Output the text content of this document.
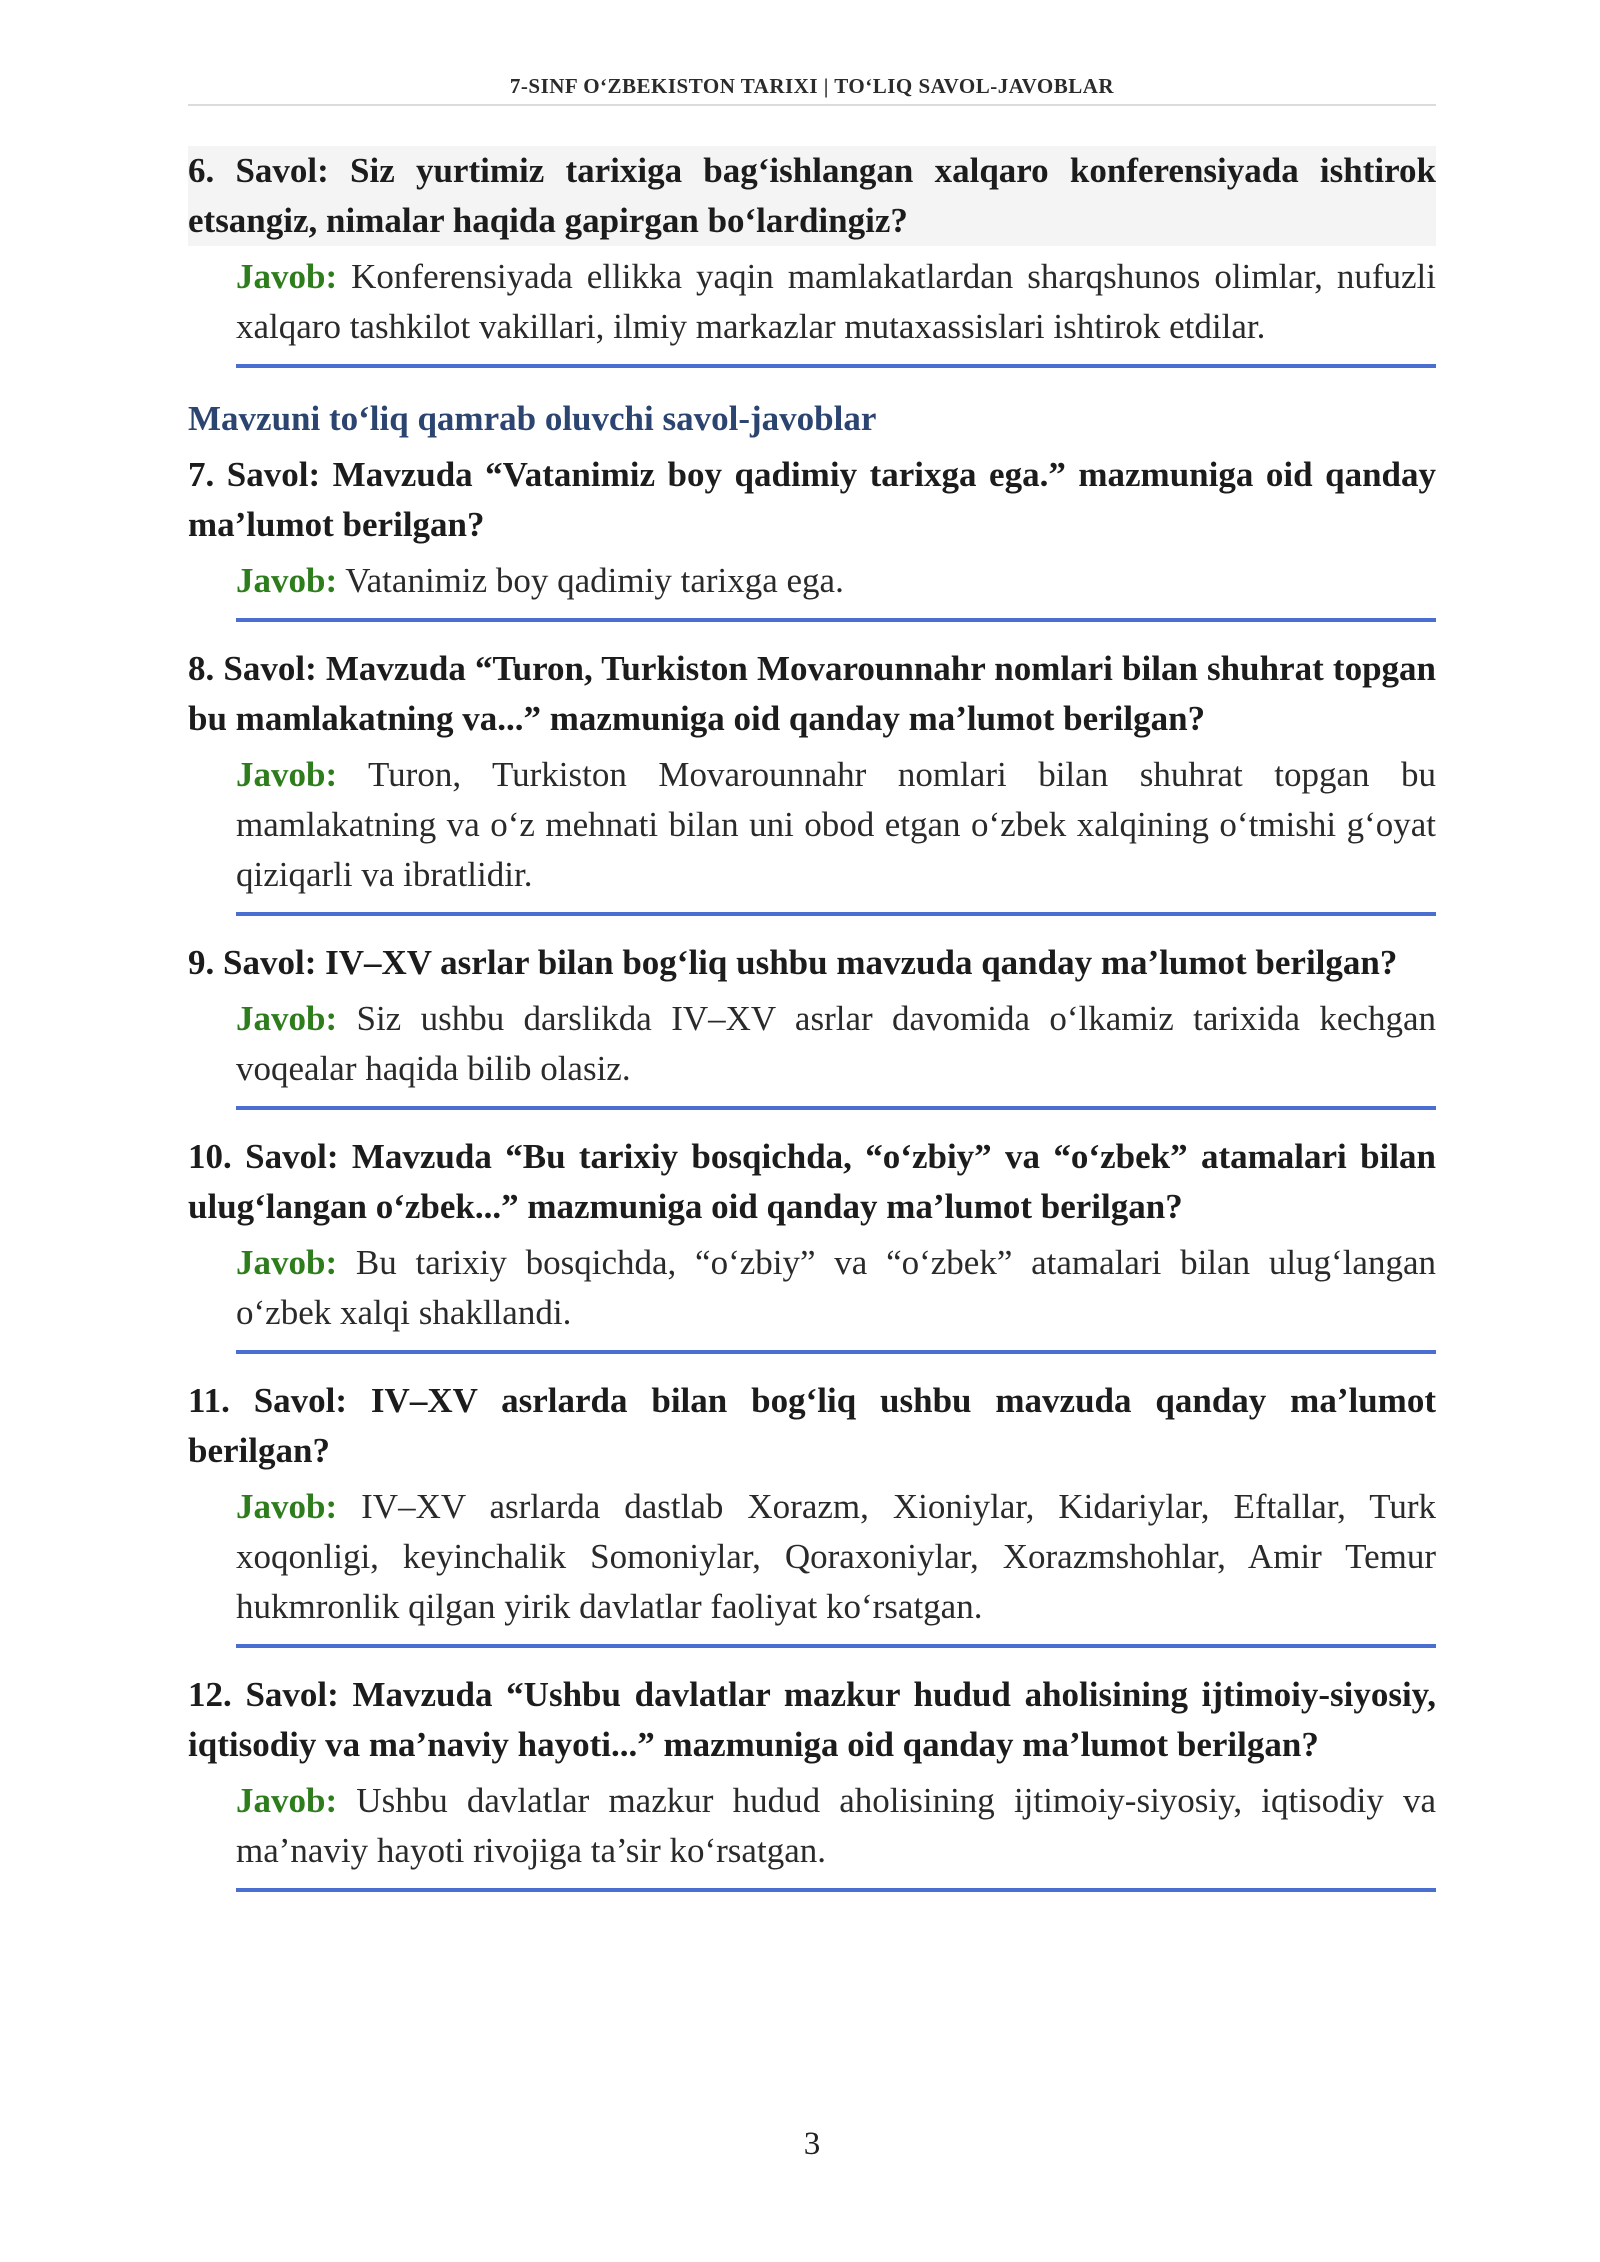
7-SINF O‘ZBEKISTON TARIXI | TO‘LIQ SAVOL-JAVOBLAR

6. Savol: Siz yurtimiz tarixiga bag‘ishlangan xalqaro konferensiyada ishtirok etsangiz, nimalar haqida gapirgan bo‘lardingiz?

Javob: Konferensiyada ellikka yaqin mamlakatlardan sharqshunos olimlar, nufuzli xalqaro tashkilot vakillari, ilmiy markazlar mutaxassislari ishtirok etdilar.
Mavzuni to‘liq qamrab oluvchi savol-javoblar

7. Savol: Mavzuda “Vatanimiz boy qadimiy tarixga ega.” mazmuniga oid qanday ma’lumot berilgan?

Javob: Vatanimiz boy qadimiy tarixga ega.

8. Savol: Mavzuda “Turon, Turkiston Movarounnahr nomlari bilan shuhrat topgan bu mamlakatning va...” mazmuniga oid qanday ma’lumot berilgan?

Javob: Turon, Turkiston Movarounnahr nomlari bilan shuhrat topgan bu mamlakatning va o‘z mehnati bilan uni obod etgan o‘zbek xalqining o‘tmishi g‘oyat qiziqarli va ibratlidir.

9. Savol: IV–XV asrlar bilan bog‘liq ushbu mavzuda qanday ma’lumot berilgan?

Javob: Siz ushbu darslikda IV–XV asrlar davomida o‘lkamiz tarixida kechgan voqealar haqida bilib olasiz.

10. Savol: Mavzuda “Bu tarixiy bosqichda, “o‘zbiy” va “o‘zbek” atamalari bilan ulug‘langan o‘zbek...” mazmuniga oid qanday ma’lumot berilgan?

Javob: Bu tarixiy bosqichda, “o‘zbiy” va “o‘zbek” atamalari bilan ulug‘langan o‘zbek xalqi shakllandi.

11. Savol: IV–XV asrlarda bilan bog‘liq ushbu mavzuda qanday ma’lumot berilgan?

Javob: IV–XV asrlarda dastlab Xorazm, Xioniylar, Kidariylar, Eftallar, Turk xoqonligi, keyinchalik Somoniylar, Qoraxoniylar, Xorazmshohlar, Amir Temur hukmronlik qilgan yirik davlatlar faoliyat ko‘rsatgan.

12. Savol: Mavzuda “Ushbu davlatlar mazkur hudud aholisining ijtimoiy-siyosiy, iqtisodiy va ma’naviy hayoti...” mazmuniga oid qanday ma’lumot berilgan?

Javob: Ushbu davlatlar mazkur hudud aholisining ijtimoiy-siyosiy, iqtisodiy va ma’naviy hayoti rivojiga ta’sir ko‘rsatgan.
3
